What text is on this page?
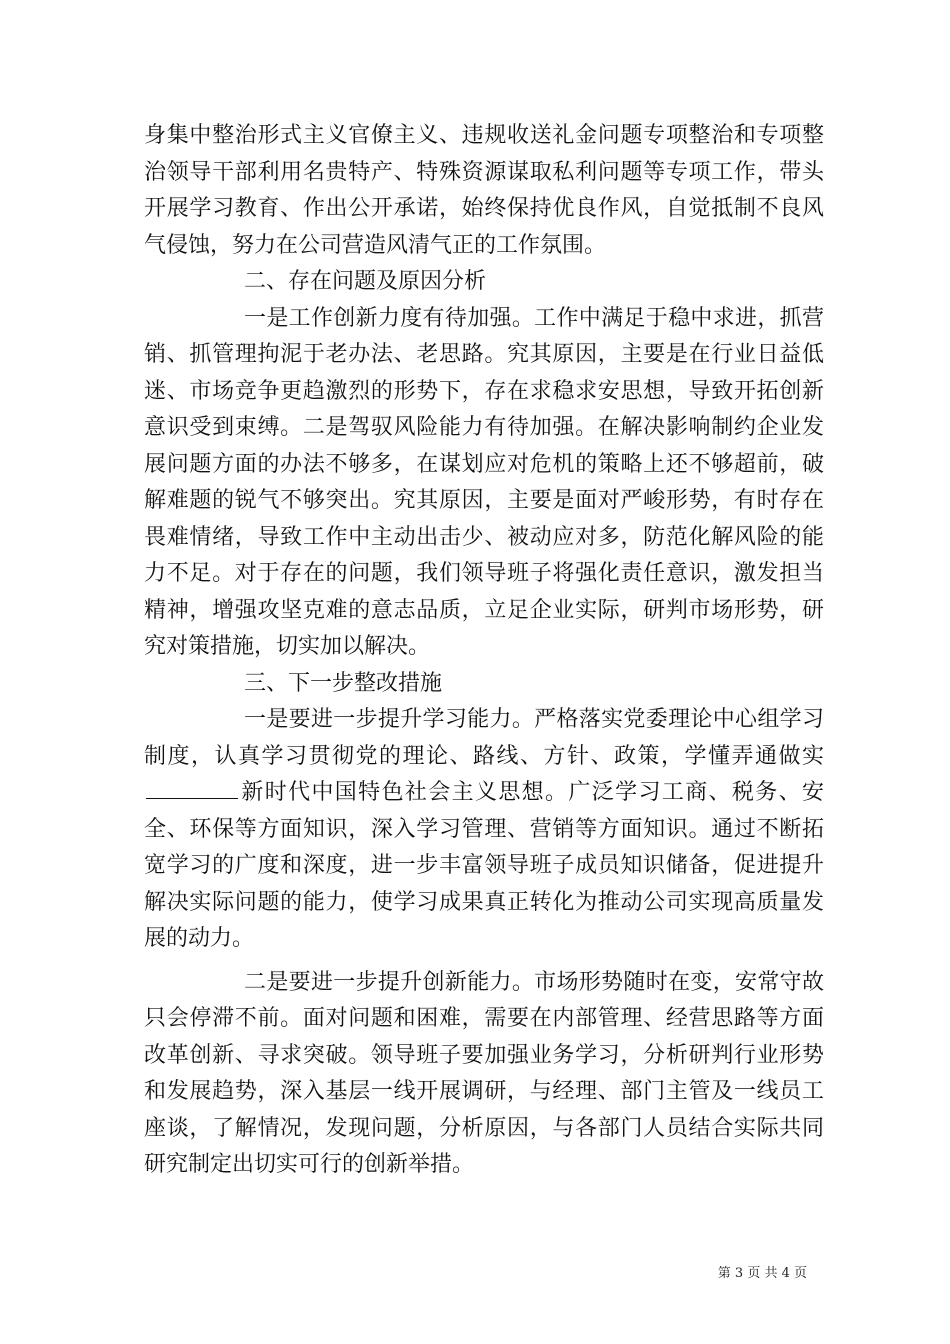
身集中整治形式主义官僚主义、违规收送礼金问题专项整治和专项整治领导干部利用名贵特产、特殊资源谋取私利问题等专项工作，带头开展学习教育、作出公开承诺，始终保持优良作风，自觉抵制不良风气侵蚀，努力在公司营造风清气正的工作氛围。

二、存在问题及原因分析

一是工作创新力度有待加强。工作中满足于稳中求进，抓营销、抓管理拘泥于老办法、老思路。究其原因，主要是在行业日益低迷、市场竞争更趋激烈的形势下，存在求稳求安思想，导致开拓创新意识受到束缚。二是驾驭风险能力有待加强。在解决影响制约企业发展问题方面的办法不够多，在谋划应对危机的策略上还不够超前，破解难题的锐气不够突出。究其原因，主要是面对严峻形势，有时存在畏难情绪，导致工作中主动出击少、被动应对多，防范化解风险的能力不足。对于存在的问题，我们领导班子将强化责任意识，激发担当精神，增强攻坚克难的意志品质，立足企业实际，研判市场形势，研究对策措施，切实加以解决。

三、下一步整改措施

一是要进一步提升学习能力。严格落实党委理论中心组学习制度，认真学习贯彻党的理论、路线、方针、政策，学懂弄通做实新时代中国特色社会主义思想。广泛学习工商、税务、安全、环保等方面知识，深入学习管理、营销等方面知识。通过不断拓宽学习的广度和深度，进一步丰富领导班子成员知识储备，促进提升解决实际问题的能力，使学习成果真正转化为推动公司实现高质量发展的动力。

二是要进一步提升创新能力。市场形势随时在变，安常守故只会停滞不前。面对问题和困难，需要在内部管理、经营思路等方面改革创新、寻求突破。领导班子要加强业务学习，分析研判行业形势和发展趋势，深入基层一线开展调研，与经理、部门主管及一线员工座谈，了解情况，发现问题，分析原因，与各部门人员结合实际共同研究制定出切实可行的创新举措。

第 3 页 共 4 页
